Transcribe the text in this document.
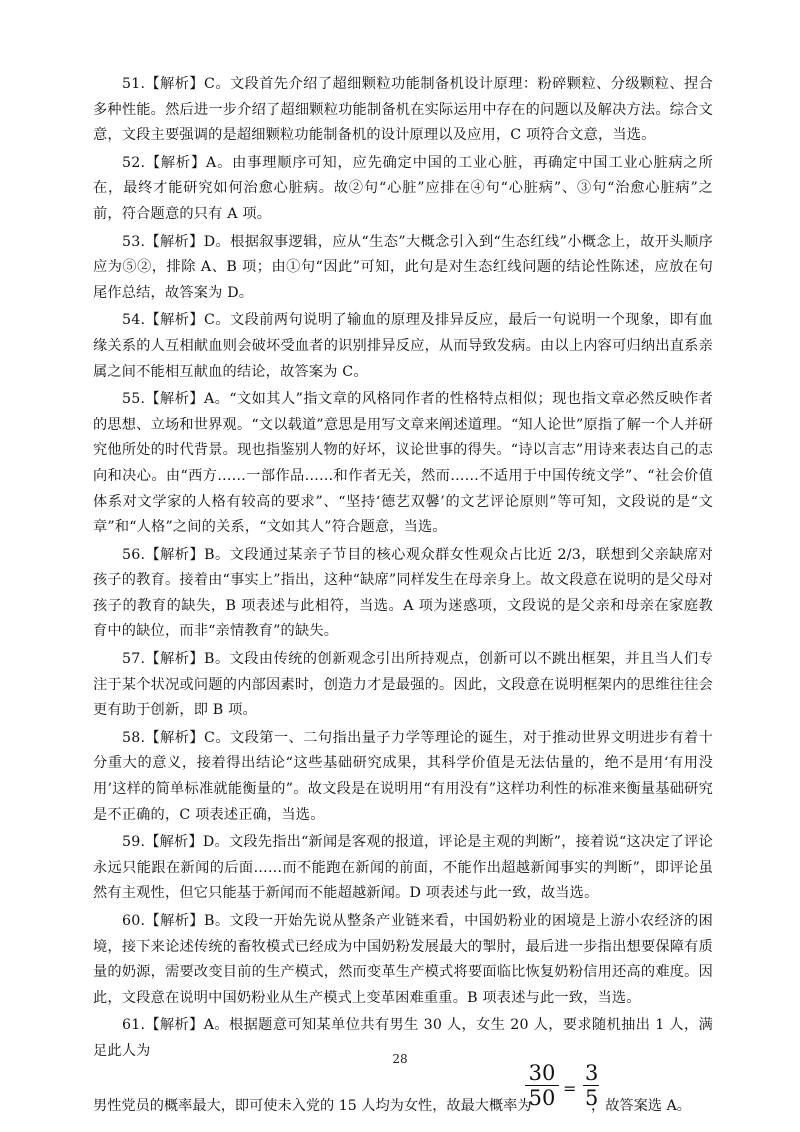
51.【解析】C。文段首先介绍了超细颗粒功能制备机设计原理：粉碎颗粒、分级颗粒、捏合多种性能。然后进一步介绍了超细颗粒功能制备机在实际运用中存在的问题以及解决方法。综合文意，文段主要强调的是超细颗粒功能制备机的设计原理以及应用，C 项符合文意，当选。

52.【解析】A。由事理顺序可知，应先确定中国的工业心脏，再确定中国工业心脏病之所在，最终才能研究如何治愈心脏病。故②句“心脏”应排在④句“心脏病”、③句“治愈心脏病”之前，符合题意的只有 A 项。

53.【解析】D。根据叙事逻辑，应从“生态”大概念引入到“生态红线”小概念上，故开头顺序应为⑤②，排除 A、B 项；由①句“因此”可知，此句是对生态红线问题的结论性陈述，应放在句尾作总结，故答案为 D。

54.【解析】C。文段前两句说明了输血的原理及排异反应，最后一句说明一个现象，即有血缘关系的人互相献血则会破坏受血者的识别排异反应，从而导致发病。由以上内容可归纳出直系亲属之间不能相互献血的结论，故答案为 C。

55.【解析】A。“文如其人”指文章的风格同作者的性格特点相似；现也指文章必然反映作者的思想、立场和世界观。“文以载道”意思是用写文章来阐述道理。“知人论世”原指了解一个人并研究他所处的时代背景。现也指鉴别人物的好坏，议论世事的得失。“诗以言志”用诗来表达自己的志向和决心。由“西方……一部作品……和作者无关，然而……不适用于中国传统文学”、“社会价值体系对文学家的人格有较高的要求”、“坚持‘德艺双馨’的文艺评论原则”等可知，文段说的是“文章”和“人格”之间的关系，“文如其人”符合题意，当选。

56.【解析】B。文段通过某亲子节目的核心观众群女性观众占比近 2/3，联想到父亲缺席对孩子的教育。接着由“事实上”指出，这种“缺席”同样发生在母亲身上。故文段意在说明的是父母对孩子的教育的缺失，B 项表述与此相符，当选。A 项为迷惑项，文段说的是父亲和母亲在家庭教育中的缺位，而非“亲情教育”的缺失。

57.【解析】B。文段由传统的创新观念引出所持观点，创新可以不跳出框架，并且当人们专注于某个状况或问题的内部因素时，创造力才是最强的。因此，文段意在说明框架内的思维往往会更有助于创新，即 B 项。

58.【解析】C。文段第一、二句指出量子力学等理论的诞生，对于推动世界文明进步有着十分重大的意义，接着得出结论“这些基础研究成果，其科学价值是无法估量的，绝不是用‘有用没用’这样的简单标准就能衡量的”。故文段是在说明用“有用没有”这样功利性的标准来衡量基础研究是不正确的，C 项表述正确，当选。

59.【解析】D。文段先指出“新闻是客观的报道，评论是主观的判断”，接着说“这决定了评论永远只能跟在新闻的后面……而不能跑在新闻的前面，不能作出超越新闻事实的判断”，即评论虽然有主观性，但它只能基于新闻而不能超越新闻。D 项表述与此一致，故当选。

60.【解析】B。文段一开始先说从整条产业链来看，中国奶粉业的困境是上游小农经济的困境，接下来论述传统的畜牧模式已经成为中国奶粉发展最大的掣肘，最后进一步指出想要保障有质量的奶源，需要改变目前的生产模式，然而变革生产模式将要面临比恢复奶粉信用还高的难度。因此，文段意在说明中国奶粉业从生产模式上变革困难重重。B 项表述与此一致，当选。

61.【解析】A。根据题意可知某单位共有男生 30 人，女生 20 人，要求随机抽出 1 人，满足此人为

男性党员的概率最大，即可使未入党的 15 人均为女性，故最大概率为
$\frac{30}{50} = \frac{3}{5}$
，故答案选 A。
28
